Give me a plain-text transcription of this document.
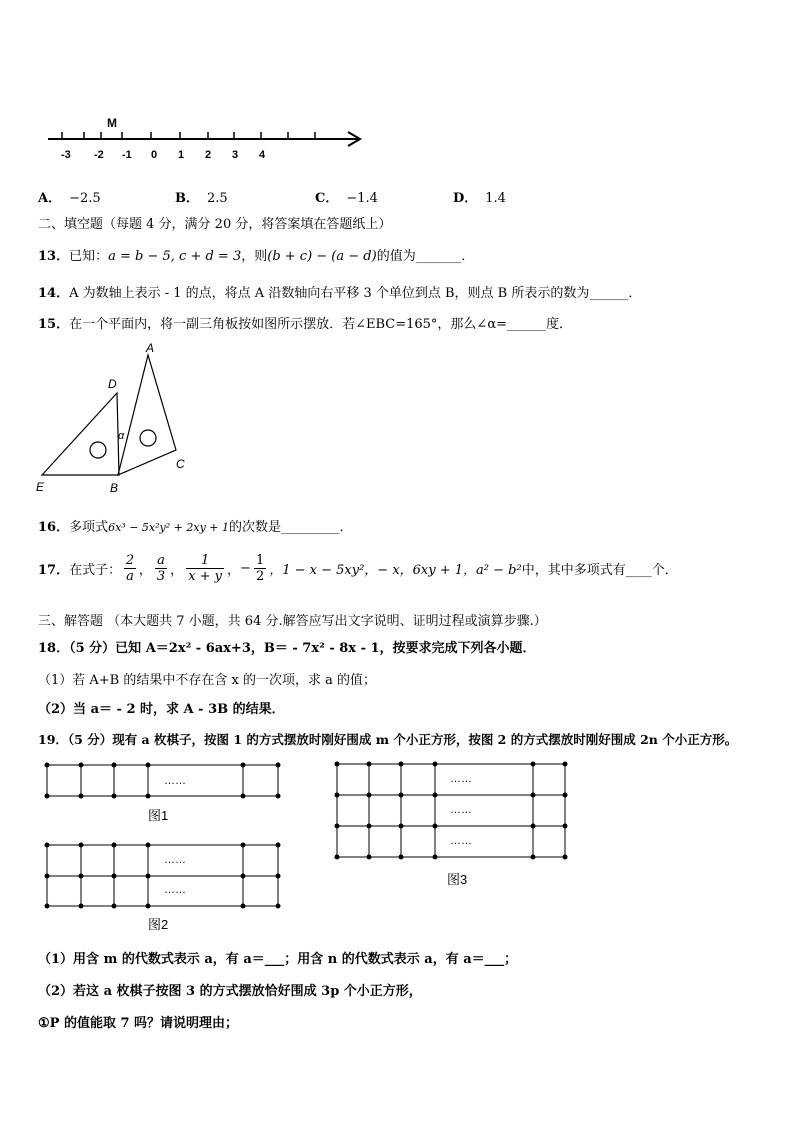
M
-3 -2 -1 0 1 2 3 4
A． −2.5	B． 2.5	C． −1.4	D． 1.4
二、填空题（每题 4 分，满分 20 分，将答案填在答题纸上）
13．已知：a = b − 5, c + d = 3，则(b + c) − (a − d)的值为_______．
14．A 为数轴上表示 - 1 的点，将点 A 沿数轴向右平移 3 个单位到点 B，则点 B 所表示的数为______．
15．在一个平面内，将一副三角板按如图所示摆放．若∠EBC=165°，那么∠α=______度．
A
D
α
C
E	B
16．多项式6x³ − 5x²y² + 2xy + 1的次数是_________．
17． 在式子：
2
a ，
a
3 ，
1
x + y ， − $\frac{1}{2}$ ，1 − x − 5xy²，− x，6xy + 1，a² − b² 中，其中多项式有____个．
三、解答题 （本大题共 7 小题，共 64 分.解答应写出文字说明、证明过程或演算步骤.）
18．（5 分）已知 A＝2x² - 6ax+3，B＝ - 7x² - 8x - 1，按要求完成下列各小题．
（1）若 A+B 的结果中不存在含 x 的一次项，求 a 的值；
（2）当 a＝ - 2 时，求 A - 3B 的结果．
19．（5 分）现有 a 枚棋子，按图 1 的方式摆放时刚好围成 m 个小正方形，按图 2 的方式摆放时刚好围成 2n 个小正方形。
……
图1
……
……
图2
……
……
……
图3
（1）用含 m 的代数式表示 a，有 a＝___；用含 n 的代数式表示 a，有 a＝___；
（2）若这 a 枚棋子按图 3 的方式摆放恰好围成 3p 个小正方形，
①P 的值能取 7 吗？请说明理由；
